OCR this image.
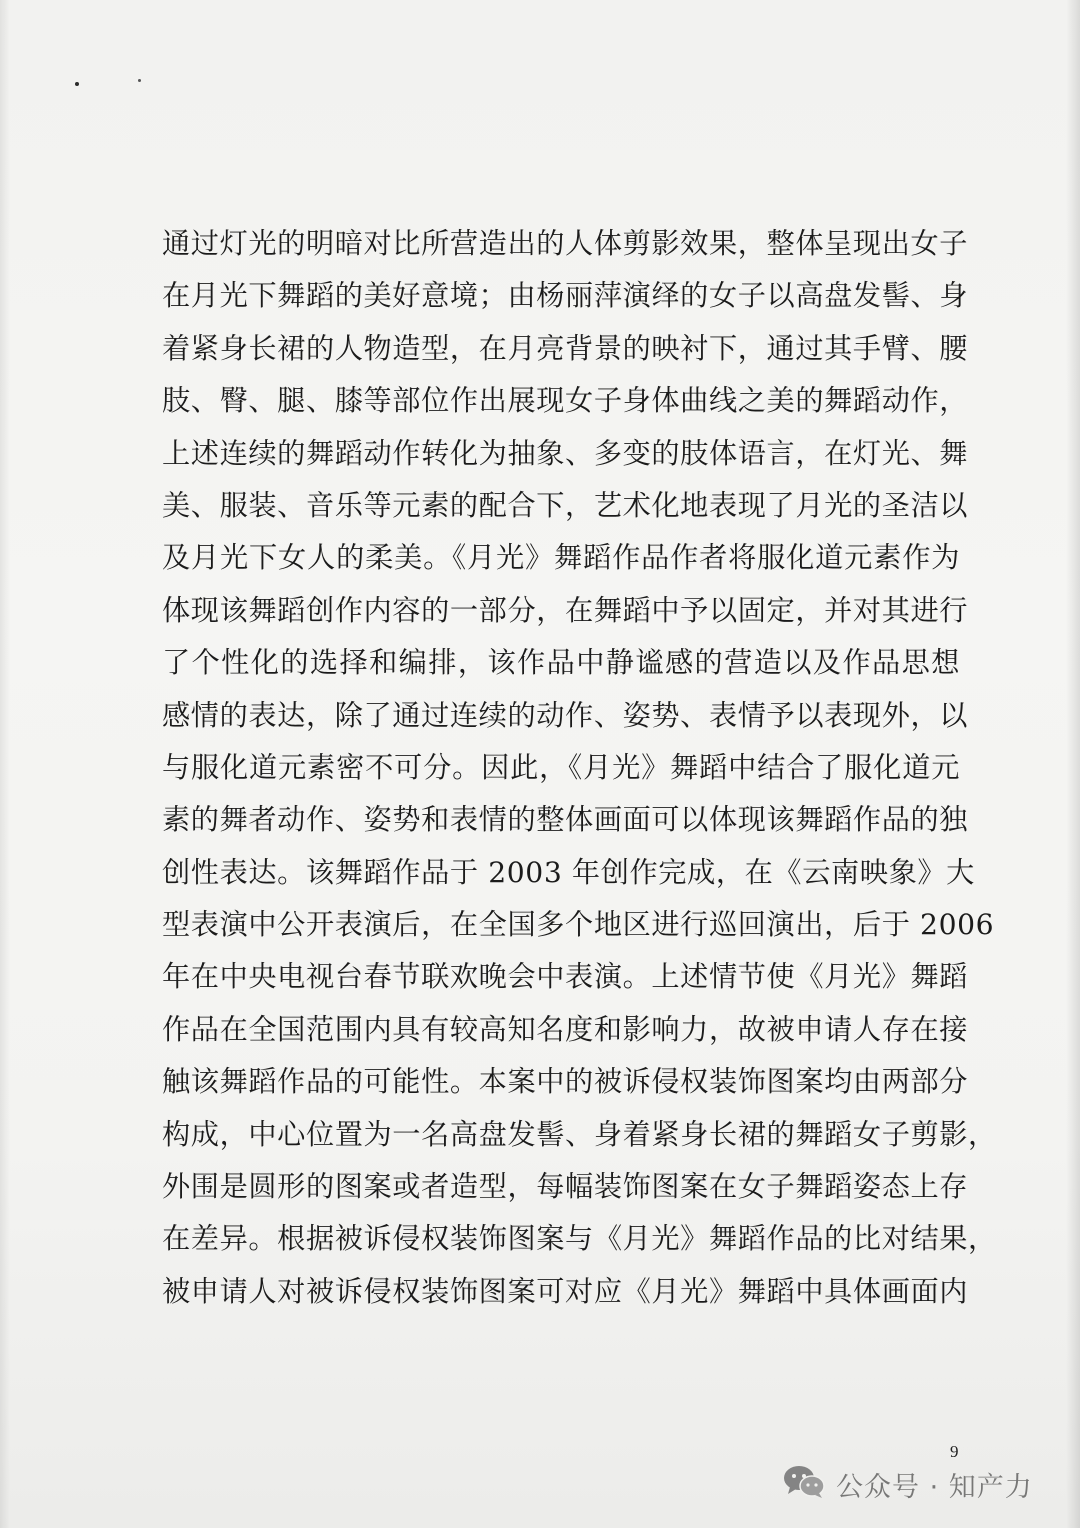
通过灯光的明暗对比所营造出的人体剪影效果，整体呈现出女子
在月光下舞蹈的美好意境；由杨丽萍演绎的女子以高盘发髻、身
着紧身长裙的人物造型，在月亮背景的映衬下，通过其手臂、腰
肢、臀、腿、膝等部位作出展现女子身体曲线之美的舞蹈动作，
上述连续的舞蹈动作转化为抽象、多变的肢体语言，在灯光、舞
美、服装、音乐等元素的配合下，艺术化地表现了月光的圣洁以
及月光下女人的柔美。《月光》舞蹈作品作者将服化道元素作为
体现该舞蹈创作内容的一部分，在舞蹈中予以固定，并对其进行
了个性化的选择和编排，该作品中静谧感的营造以及作品思想
感情的表达，除了通过连续的动作、姿势、表情予以表现外，以
与服化道元素密不可分。因此，《月光》舞蹈中结合了服化道元
素的舞者动作、姿势和表情的整体画面可以体现该舞蹈作品的独
创性表达。该舞蹈作品于 2003 年创作完成，在《云南映象》大
型表演中公开表演后，在全国多个地区进行巡回演出，后于 2006
年在中央电视台春节联欢晚会中表演。上述情节使《月光》舞蹈
作品在全国范围内具有较高知名度和影响力，故被申请人存在接
触该舞蹈作品的可能性。本案中的被诉侵权装饰图案均由两部分
构成，中心位置为一名高盘发髻、身着紧身长裙的舞蹈女子剪影，
外围是圆形的图案或者造型，每幅装饰图案在女子舞蹈姿态上存
在差异。根据被诉侵权装饰图案与《月光》舞蹈作品的比对结果，
被申请人对被诉侵权装饰图案可对应《月光》舞蹈中具体画面内
9
公众号 · 知产力
